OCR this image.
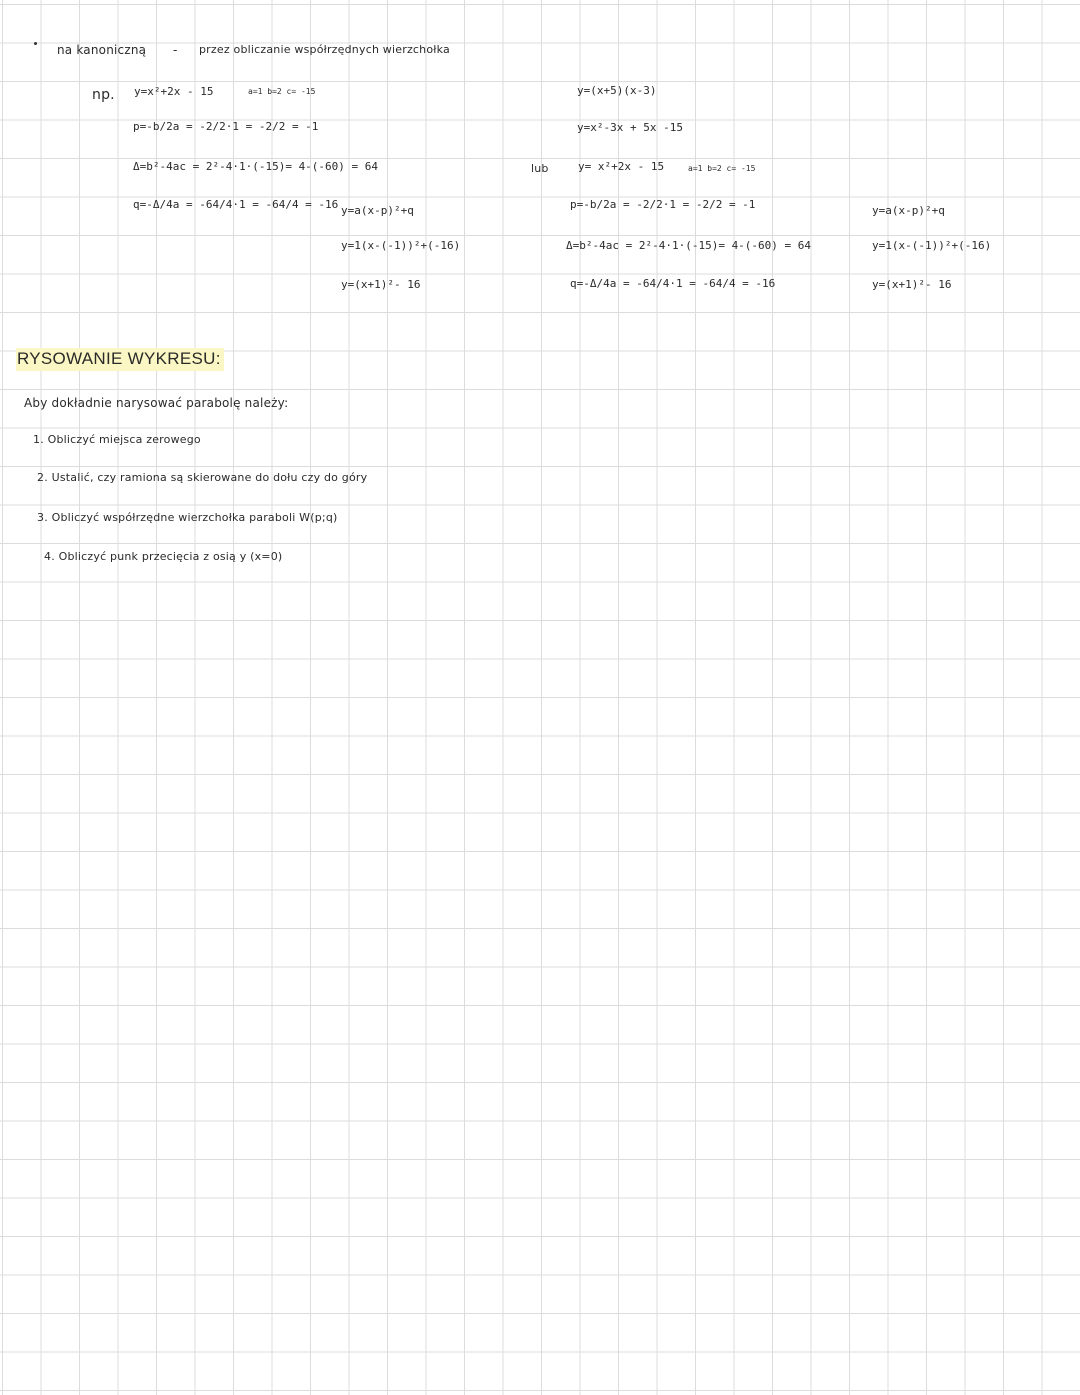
na kanoniczną - przez obliczanie współrzędnych wierzchołka
np. y=x²+2x - 15	a=1 b=2 c= -15
p=-b/2a = -2/2·1 = -2/2 = -1
Δ=b²-4ac = 2²-4·1·(-15)= 4-(-60) = 64
q=-Δ/4a = -64/4·1 = -64/4 = -16 y=a(x-p)²+q
y=1(x-(-1))²+(-16)
y=(x+1)²- 16
y=(x+5)(x-3)
y=x²-3x + 5x -15
lub	y= x²+2x - 15	a=1 b=2 c= -15
p=-b/2a = -2/2·1 = -2/2 = -1
Δ=b²-4ac = 2²-4·1·(-15)= 4-(-60) = 64
q=-Δ/4a = -64/4·1 = -64/4 = -16
y=a(x-p)²+q
y=1(x-(-1))²+(-16)
y=(x+1)²- 16
RYSOWANIE WYKRESU:
Aby dokładnie narysować parabolę należy:
1. Obliczyć miejsca zerowego
2. Ustalić, czy ramiona są skierowane do dołu czy do góry
3. Obliczyć współrzędne wierzchołka paraboli W(p;q)
4. Obliczyć punk przecięcia z osią y (x=0)
